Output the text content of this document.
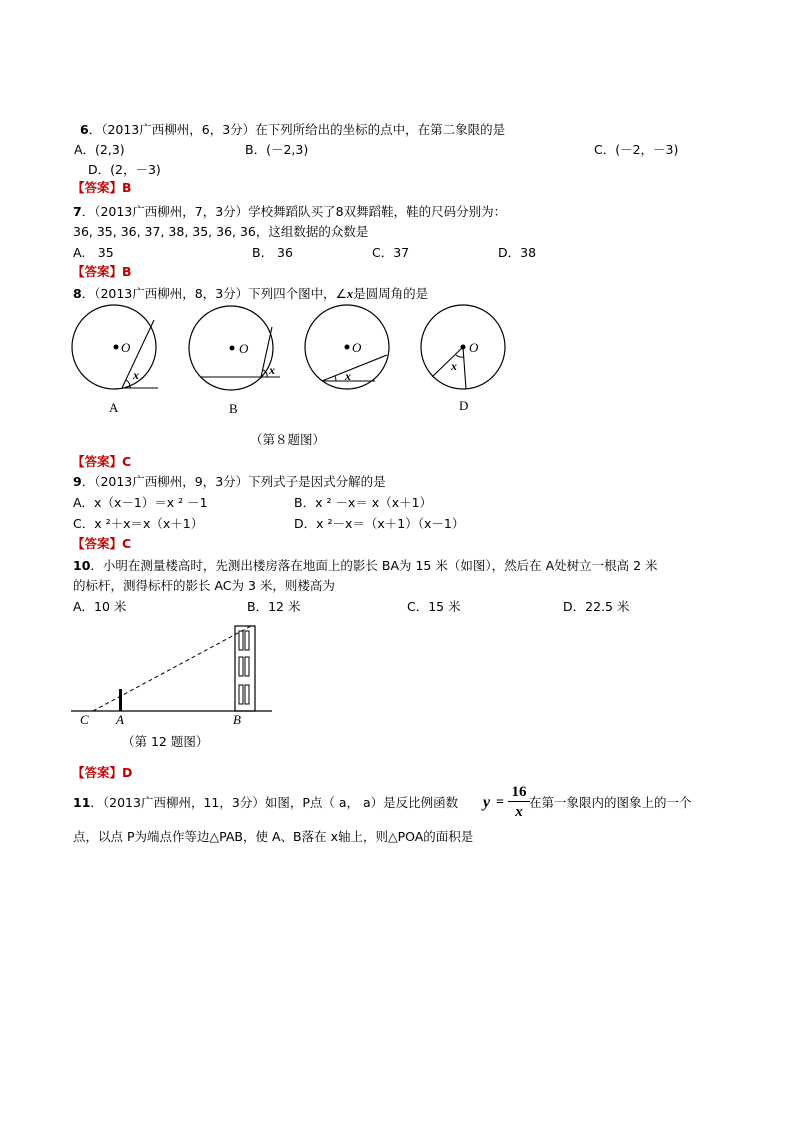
6．（2013广西柳州，6，3分）在下列所给出的坐标的点中，在第二象限的是
A．(2,3)	B．(－2,3)	C．(－2，－3)
D．(2，－3)
【答案】B
7．（2013广西柳州，7，3分）学校舞蹈队买了8双舞蹈鞋，鞋的尺码分别为：
36, 35, 36, 37, 38, 35, 36, 36，这组数据的众数是
A.　35	B.　36	C．37	D．38
【答案】B
8．（2013广西柳州，8，3分）下列四个图中，∠x是圆周角的是
O
x
O
x
O
x
O
x
A	B	D
（第８题图）
【答案】C
9．（2013广西柳州，9，3分）下列式子是因式分解的是
A．x（x－1）＝x ² －1	B．x ² －x＝ x（x＋1）
C．x ²＋x＝x（x＋1）	D．x ²－x＝（x＋1）（x－1）
【答案】C
10．小明在测量楼高时，先测出楼房落在地面上的影长 BA为 15 米（如图），然后在 A处树立一根高 2 米
的标杆，测得标杆的影长 AC为 3 米，则楼高为
A．10 米	B．12 米	C．15 米	D．22.5 米
C A	B
（第 12 题图）
【答案】D
11．（2013广西柳州，11，3分）如图，P点（ a， a）是反比例函数 y =
16
x
在第一象限内的图象上的一个
点，以点 P为端点作等边△PAB，使 A、B落在 x轴上，则△POA的面积是
